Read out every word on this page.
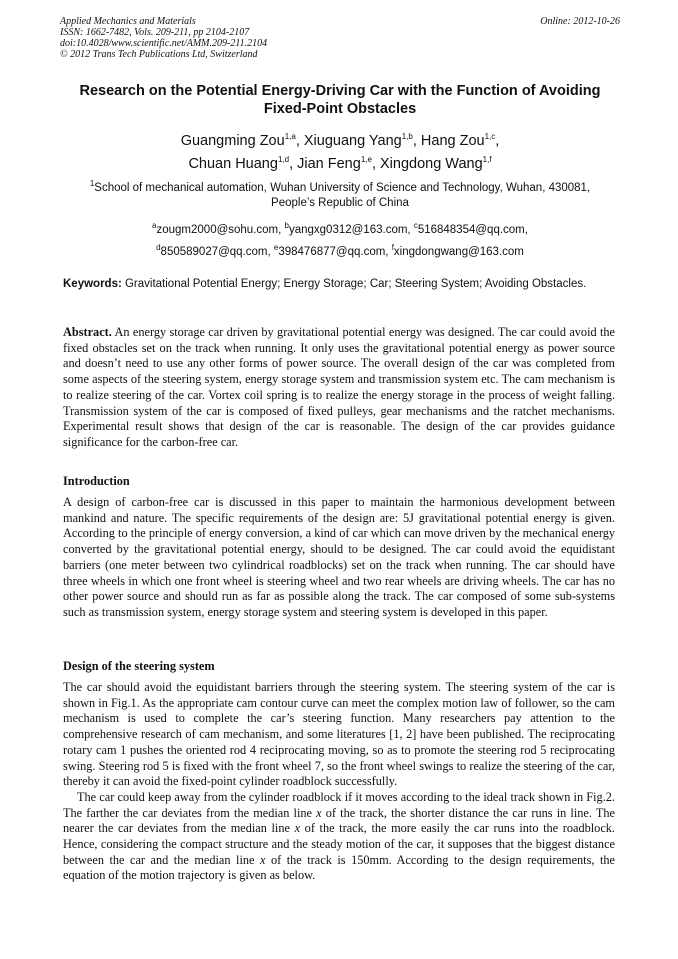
Applied Mechanics and Materials
ISSN: 1662-7482, Vols. 209-211, pp 2104-2107
doi:10.4028/www.scientific.net/AMM.209-211.2104
© 2012 Trans Tech Publications Ltd, Switzerland
Online: 2012-10-26
Research on the Potential Energy-Driving Car with the Function of Avoiding Fixed-Point Obstacles
Guangming Zou$^{1,a}$, Xiuguang Yang$^{1,b}$, Hang Zou$^{1,c}$,
Chuan Huang$^{1,d}$, Jian Feng$^{1,e}$, Xingdong Wang$^{1,f}$
$^1$School of mechanical automation, Wuhan University of Science and Technology, Wuhan, 430081,
People’s Republic of China
$^a$zougm2000@sohu.com, $^b$yangxg0312@163.com, $^c$516848354@qq.com,
$^d$850589027@qq.com, $^e$398476877@qq.com, $^f$xingdongwang@163.com
Keywords: Gravitational Potential Energy; Energy Storage; Car; Steering System; Avoiding Obstacles.

Abstract. An energy storage car driven by gravitational potential energy was designed. The car could avoid the fixed obstacles set on the track when running. It only uses the gravitational potential energy as power source and doesn’t need to use any other forms of power source. The overall design of the car was completed from some aspects of the steering system, energy storage system and transmission system etc. The cam mechanism is to realize steering of the car. Vortex coil spring is to realize the energy storage in the process of weight falling. Transmission system of the car is composed of fixed pulleys, gear mechanisms and the ratchet mechanisms. Experimental result shows that design of the car is reasonable. The design of the car provides guidance significance for the carbon-free car.

Introduction

A design of carbon-free car is discussed in this paper to maintain the harmonious development between mankind and nature. The specific requirements of the design are: 5J gravitational potential energy is given. According to the principle of energy conversion, a kind of car which can move driven by the mechanical energy converted by the gravitational potential energy, should to be designed. The car could avoid the equidistant barriers (one meter between two cylindrical roadblocks) set on the track when running. The car should have three wheels in which one front wheel is steering wheel and two rear wheels are driving wheels. The car has no other power source and should run as far as possible along the track. The car composed of some sub-systems such as transmission system, energy storage system and steering system is developed in this paper.

Design of the steering system

The car should avoid the equidistant barriers through the steering system. The steering system of the car is shown in Fig.1. As the appropriate cam contour curve can meet the complex motion law of follower, so the cam mechanism is used to complete the car’s steering function. Many researchers pay attention to the comprehensive research of cam mechanism, and some literatures [1, 2] have been published. The reciprocating rotary cam 1 pushes the oriented rod 4 reciprocating moving, so as to promote the steering rod 5 reciprocating swing. Steering rod 5 is fixed with the front wheel 7, so the front wheel swings to realize the steering of the car, thereby it can avoid the fixed-point cylinder roadblock successfully.

The car could keep away from the cylinder roadblock if it moves according to the ideal track shown in Fig.2. The farther the car deviates from the median line x of the track, the shorter distance the car runs in line. The nearer the car deviates from the median line x of the track, the more easily the car runs into the roadblock. Hence, considering the compact structure and the steady motion of the car, it supposes that the biggest distance between the car and the median line x of the track is 150mm. According to the design requirements, the equation of the motion trajectory is given as below.
